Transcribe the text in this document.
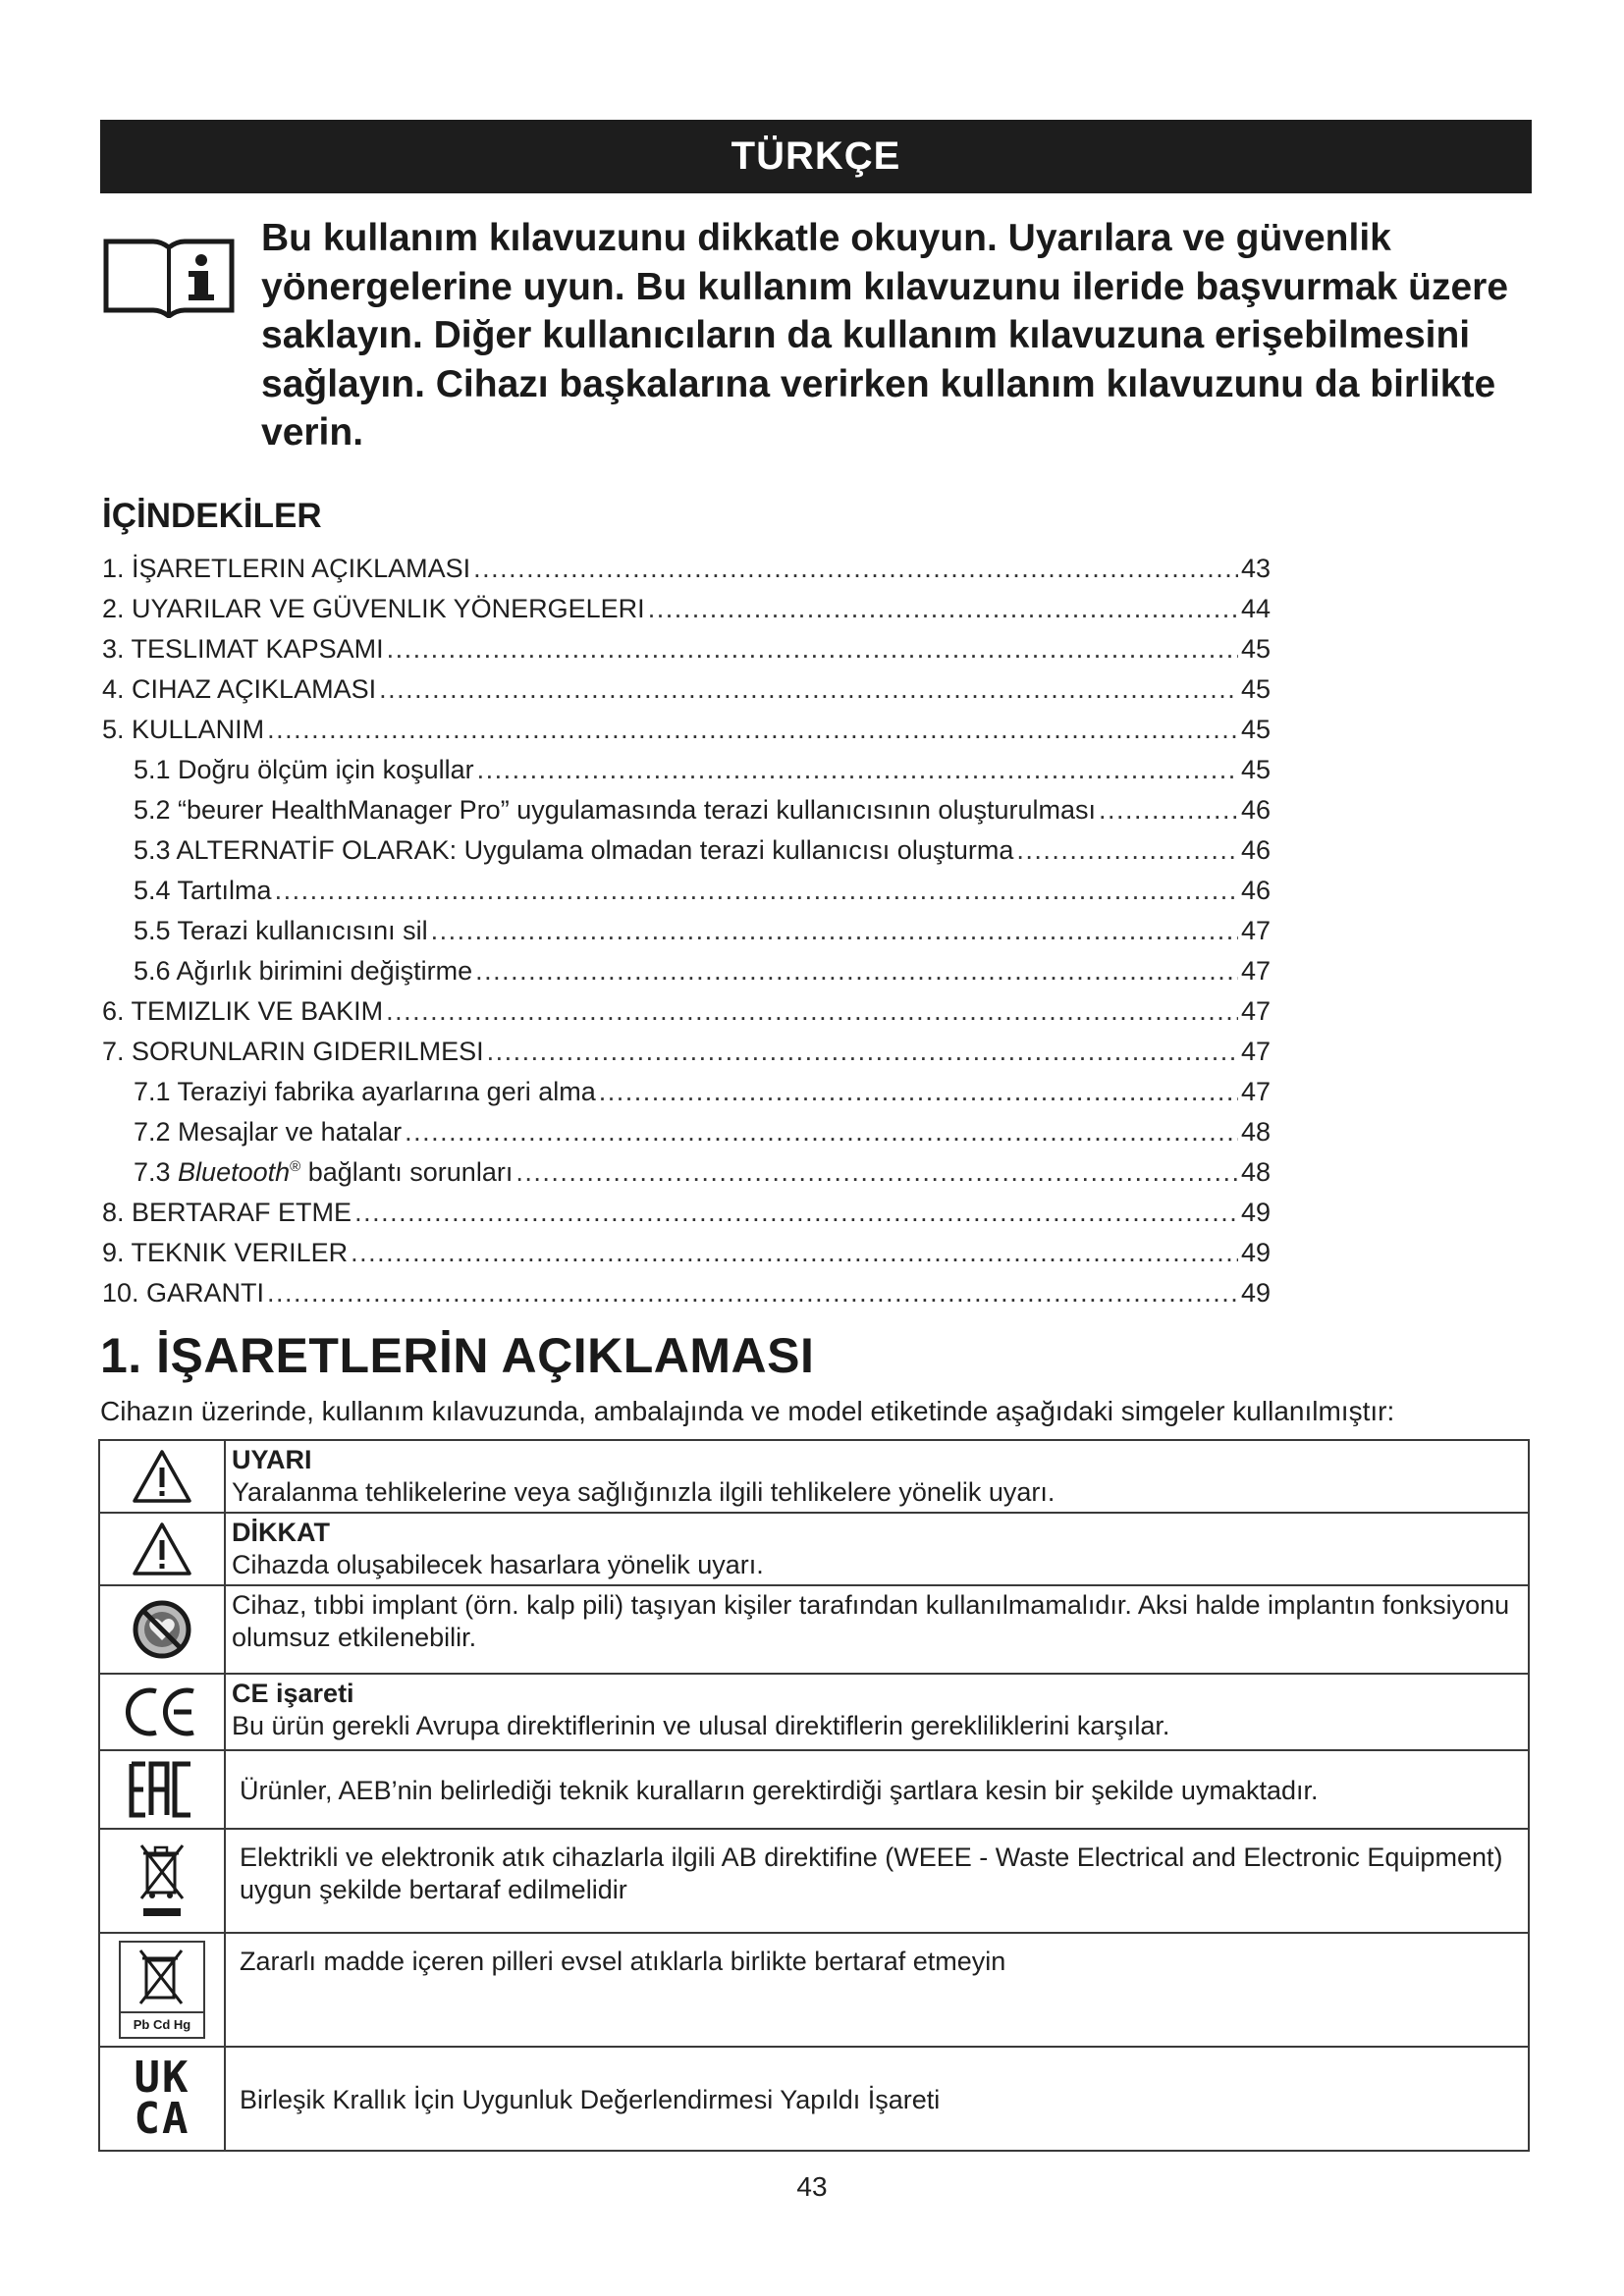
TÜRKÇE
Bu kullanım kılavuzunu dikkatle okuyun. Uyarılara ve güvenlik yönergelerine uyun. Bu kullanım kılavuzunu ileride başvurmak üzere saklayın. Diğer kullanıcıların da kullanım kılavuzuna erişebilmesini sağlayın. Cihazı başkalarına verirken kullanım kılavuzunu da birlikte verin.
İÇİNDEKİLER
1. İŞARETLERIN AÇIKLAMASI .....	43
2. UYARILAR VE GÜVENLIK YÖNERGELERI .....	44
3. TESLIMAT KAPSAMI .....	45
4. CIHAZ AÇIKLAMASI .....	45
5. KULLANIM .....	45
5.1 Doğru ölçüm için koşullar .....	45
5.2 “beurer HealthManager Pro” uygulamasında terazi kullanıcısının oluşturulması .....	46
5.3 ALTERNATİF OLARAK: Uygulama olmadan terazi kullanıcısı oluşturma .....	46
5.4 Tartılma .....	46
5.5 Terazi kullanıcısını sil .....	47
5.6 Ağırlık birimini değiştirme .....	47
6. TEMIZLIK VE BAKIM .....	47
7. SORUNLARIN GIDERILMESI .....	47
7.1 Teraziyi fabrika ayarlarına geri alma .....	47
7.2 Mesajlar ve hatalar .....	48
7.3 Bluetooth® bağlantı sorunları .....	48
8. BERTARAF ETME .....	49
9. TEKNIK VERILER .....	49
10. GARANTI .....	49
1. İŞARETLERİN AÇIKLAMASI
Cihazın üzerinde, kullanım kılavuzunda, ambalajında ve model etiketinde aşağıdaki simgeler kullanılmıştır:

UYARI
Yaralanma tehlikelerine veya sağlığınızla ilgili tehlikelere yönelik uyarı.

DİKKAT
Cihazda oluşabilecek hasarlara yönelik uyarı.

Cihaz, tıbbi implant (örn. kalp pili) taşıyan kişiler tarafından kullanılmamalıdır. Aksi halde implantın fonksiyonu olumsuz etkilenebilir.

CE işareti
Bu ürün gerekli Avrupa direktiflerinin ve ulusal direktiflerin gerekliliklerini karşılar.

Ürünler, AEB’nin belirlediği teknik kuralların gerektirdiği şartlara kesin bir şekilde uymaktadır.

Elektrikli ve elektronik atık cihazlarla ilgili AB direktifine (WEEE - Waste Electrical and Electronic Equipment) uygun şekilde bertaraf edilmelidir

Pb Cd Hg	Zararlı madde içeren pilleri evsel atıklarla birlikte bertaraf etmeyin

UK
CA	Birleşik Krallık İçin Uygunluk Değerlendirmesi Yapıldı İşareti
43
